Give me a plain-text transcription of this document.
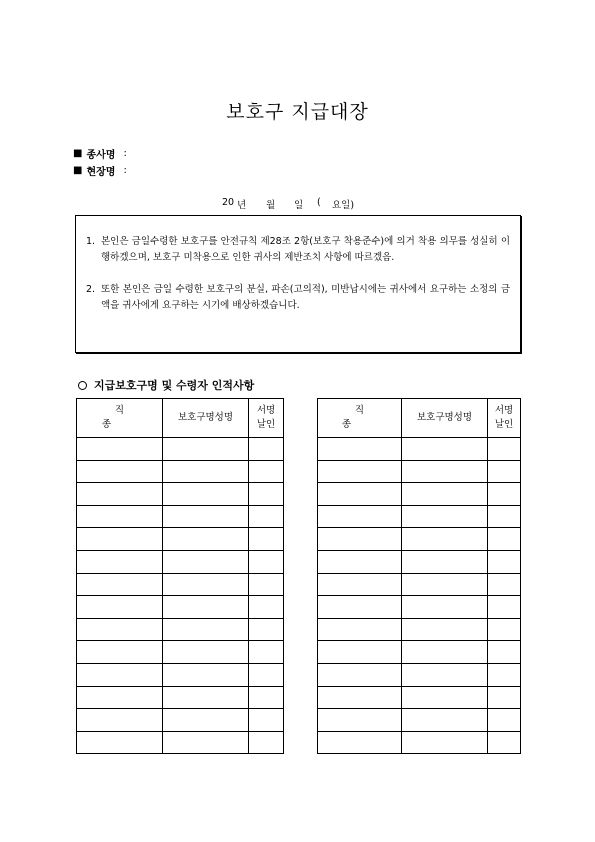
보호구 지급대장
■ 종사명 :
■ 현장명 :
20 년	월	일	(	요일)
1. 본인은 금일수령한 보호구를 안전규칙 제28조 2항(보호구 착용준수)에 의거 착용 의무를 성실히 이행하겠으며, 보호구 미착용으로 인한 귀사의 제반조치 사항에 따르겠음.
2. 또한 본인은 금일 수령한 보호구의 분실, 파손(고의적), 미반납시에는 귀사에서 요구하는 소정의 금액을 귀사에게 요구하는 시기에 배상하겠습니다.
지급보호구명 및 수령자 인적사항
직종	보호구명성명	서명
날인

직종	보호구명성명	서명
날인
